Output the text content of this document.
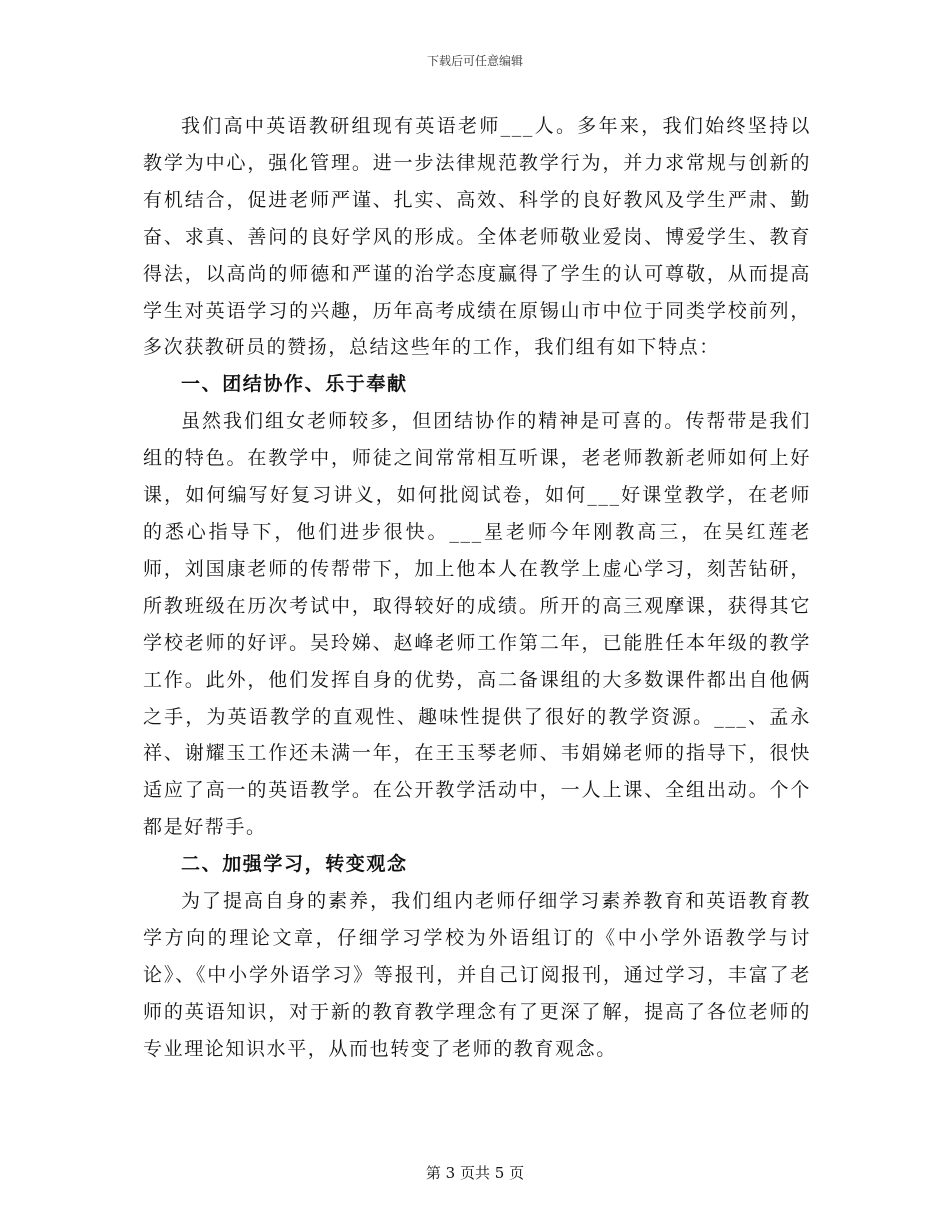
下载后可任意编辑

我们高中英语教研组现有英语老师___人。多年来，我们始终坚持以教学为中心，强化管理。进一步法律规范教学行为，并力求常规与创新的有机结合，促进老师严谨、扎实、高效、科学的良好教风及学生严肃、勤奋、求真、善问的良好学风的形成。全体老师敬业爱岗、博爱学生、教育得法，以高尚的师德和严谨的治学态度赢得了学生的认可尊敬，从而提高学生对英语学习的兴趣，历年高考成绩在原锡山市中位于同类学校前列，多次获教研员的赞扬，总结这些年的工作，我们组有如下特点：

一、团结协作、乐于奉献

虽然我们组女老师较多，但团结协作的精神是可喜的。传帮带是我们组的特色。在教学中，师徒之间常常相互听课，老老师教新老师如何上好课，如何编写好复习讲义，如何批阅试卷，如何___好课堂教学，在老师的悉心指导下，他们进步很快。___星老师今年刚教高三，在吴红莲老师，刘国康老师的传帮带下，加上他本人在教学上虚心学习，刻苦钻研，所教班级在历次考试中，取得较好的成绩。所开的高三观摩课，获得其它学校老师的好评。吴玲娣、赵峰老师工作第二年，已能胜任本年级的教学工作。此外，他们发挥自身的优势，高二备课组的大多数课件都出自他俩之手，为英语教学的直观性、趣味性提供了很好的教学资源。___、孟永祥、谢耀玉工作还未满一年，在王玉琴老师、韦娟娣老师的指导下，很快适应了高一的英语教学。在公开教学活动中，一人上课、全组出动。个个都是好帮手。

二、加强学习，转变观念

为了提高自身的素养，我们组内老师仔细学习素养教育和英语教育教学方向的理论文章，仔细学习学校为外语组订的《中小学外语教学与讨论》、《中小学外语学习》等报刊，并自己订阅报刊，通过学习，丰富了老师的英语知识，对于新的教育教学理念有了更深了解，提高了各位老师的专业理论知识水平，从而也转变了老师的教育观念。

第 3 页共 5 页
